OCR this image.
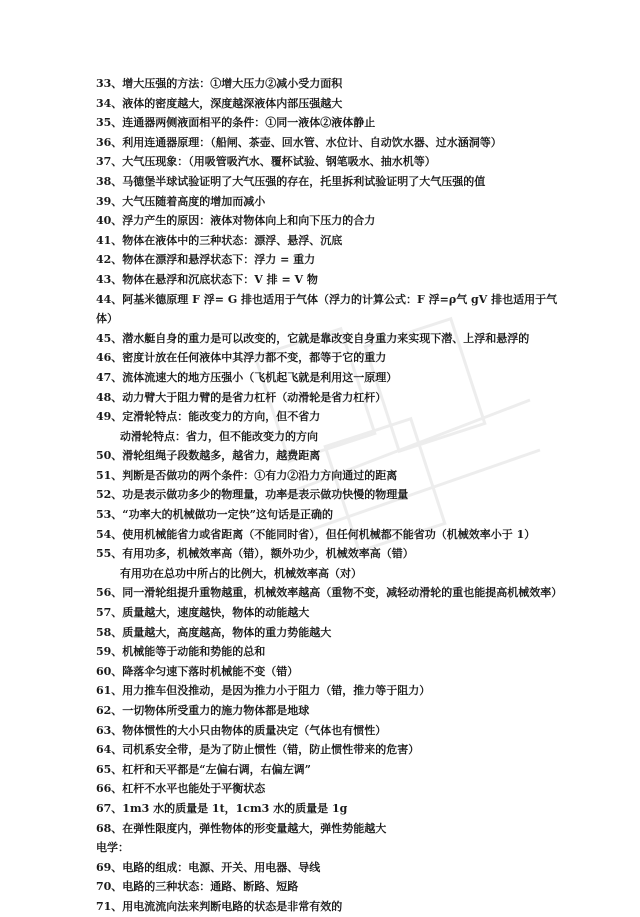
33、增大压强的方法：①增大压力②减小受力面积
34、液体的密度越大，深度越深液体内部压强越大
35、连通器两侧液面相平的条件：①同一液体②液体静止
36、利用连通器原理：（船闸、茶壶、回水管、水位计、自动饮水器、过水涵洞等）
37、大气压现象：（用吸管吸汽水、覆杯试验、钢笔吸水、抽水机等）
38、马德堡半球试验证明了大气压强的存在，托里拆利试验证明了大气压强的值
39、大气压随着高度的增加而减小
40、浮力产生的原因：液体对物体向上和向下压力的合力
41、物体在液体中的三种状态：漂浮、悬浮、沉底
42、物体在漂浮和悬浮状态下：浮力 = 重力
43、物体在悬浮和沉底状态下：V 排 = V 物
44、阿基米德原理 F 浮= G 排也适用于气体（浮力的计算公式：F 浮=ρ气 gV 排也适用于气体）
45、潜水艇自身的重力是可以改变的，它就是靠改变自身重力来实现下潜、上浮和悬浮的
46、密度计放在任何液体中其浮力都不变，都等于它的重力
47、流体流速大的地方压强小（飞机起飞就是利用这一原理）
48、动力臂大于阻力臂的是省力杠杆（动滑轮是省力杠杆）
49、定滑轮特点：能改变力的方向，但不省力
动滑轮特点：省力，但不能改变力的方向
50、滑轮组绳子段数越多，越省力，越费距离
51、判断是否做功的两个条件：①有力②沿力方向通过的距离
52、功是表示做功多少的物理量，功率是表示做功快慢的物理量
53、“功率大的机械做功一定快”这句话是正确的
54、使用机械能省力或省距离（不能同时省），但任何机械都不能省功（机械效率小于 1）
55、有用功多，机械效率高（错），额外功少，机械效率高（错）
有用功在总功中所占的比例大，机械效率高（对）
56、同一滑轮组提升重物越重，机械效率越高（重物不变，减轻动滑轮的重也能提高机械效率）
57、质量越大，速度越快，物体的动能越大
58、质量越大，高度越高，物体的重力势能越大
59、机械能等于动能和势能的总和
60、降落伞匀速下落时机械能不变（错）
61、用力推车但没推动，是因为推力小于阻力（错，推力等于阻力）
62、一切物体所受重力的施力物体都是地球
63、物体惯性的大小只由物体的质量决定（气体也有惯性）
64、司机系安全带，是为了防止惯性（错，防止惯性带来的危害）
65、杠杆和天平都是“左偏右调，右偏左调”
66、杠杆不水平也能处于平衡状态
67、1m3 水的质量是 1t，1cm3 水的质量是 1g
68、在弹性限度内，弹性物体的形变量越大，弹性势能越大
电学：
69、电路的组成：电源、开关、用电器、导线
70、电路的三种状态：通路、断路、短路
71、用电流流向法来判断电路的状态是非常有效的
